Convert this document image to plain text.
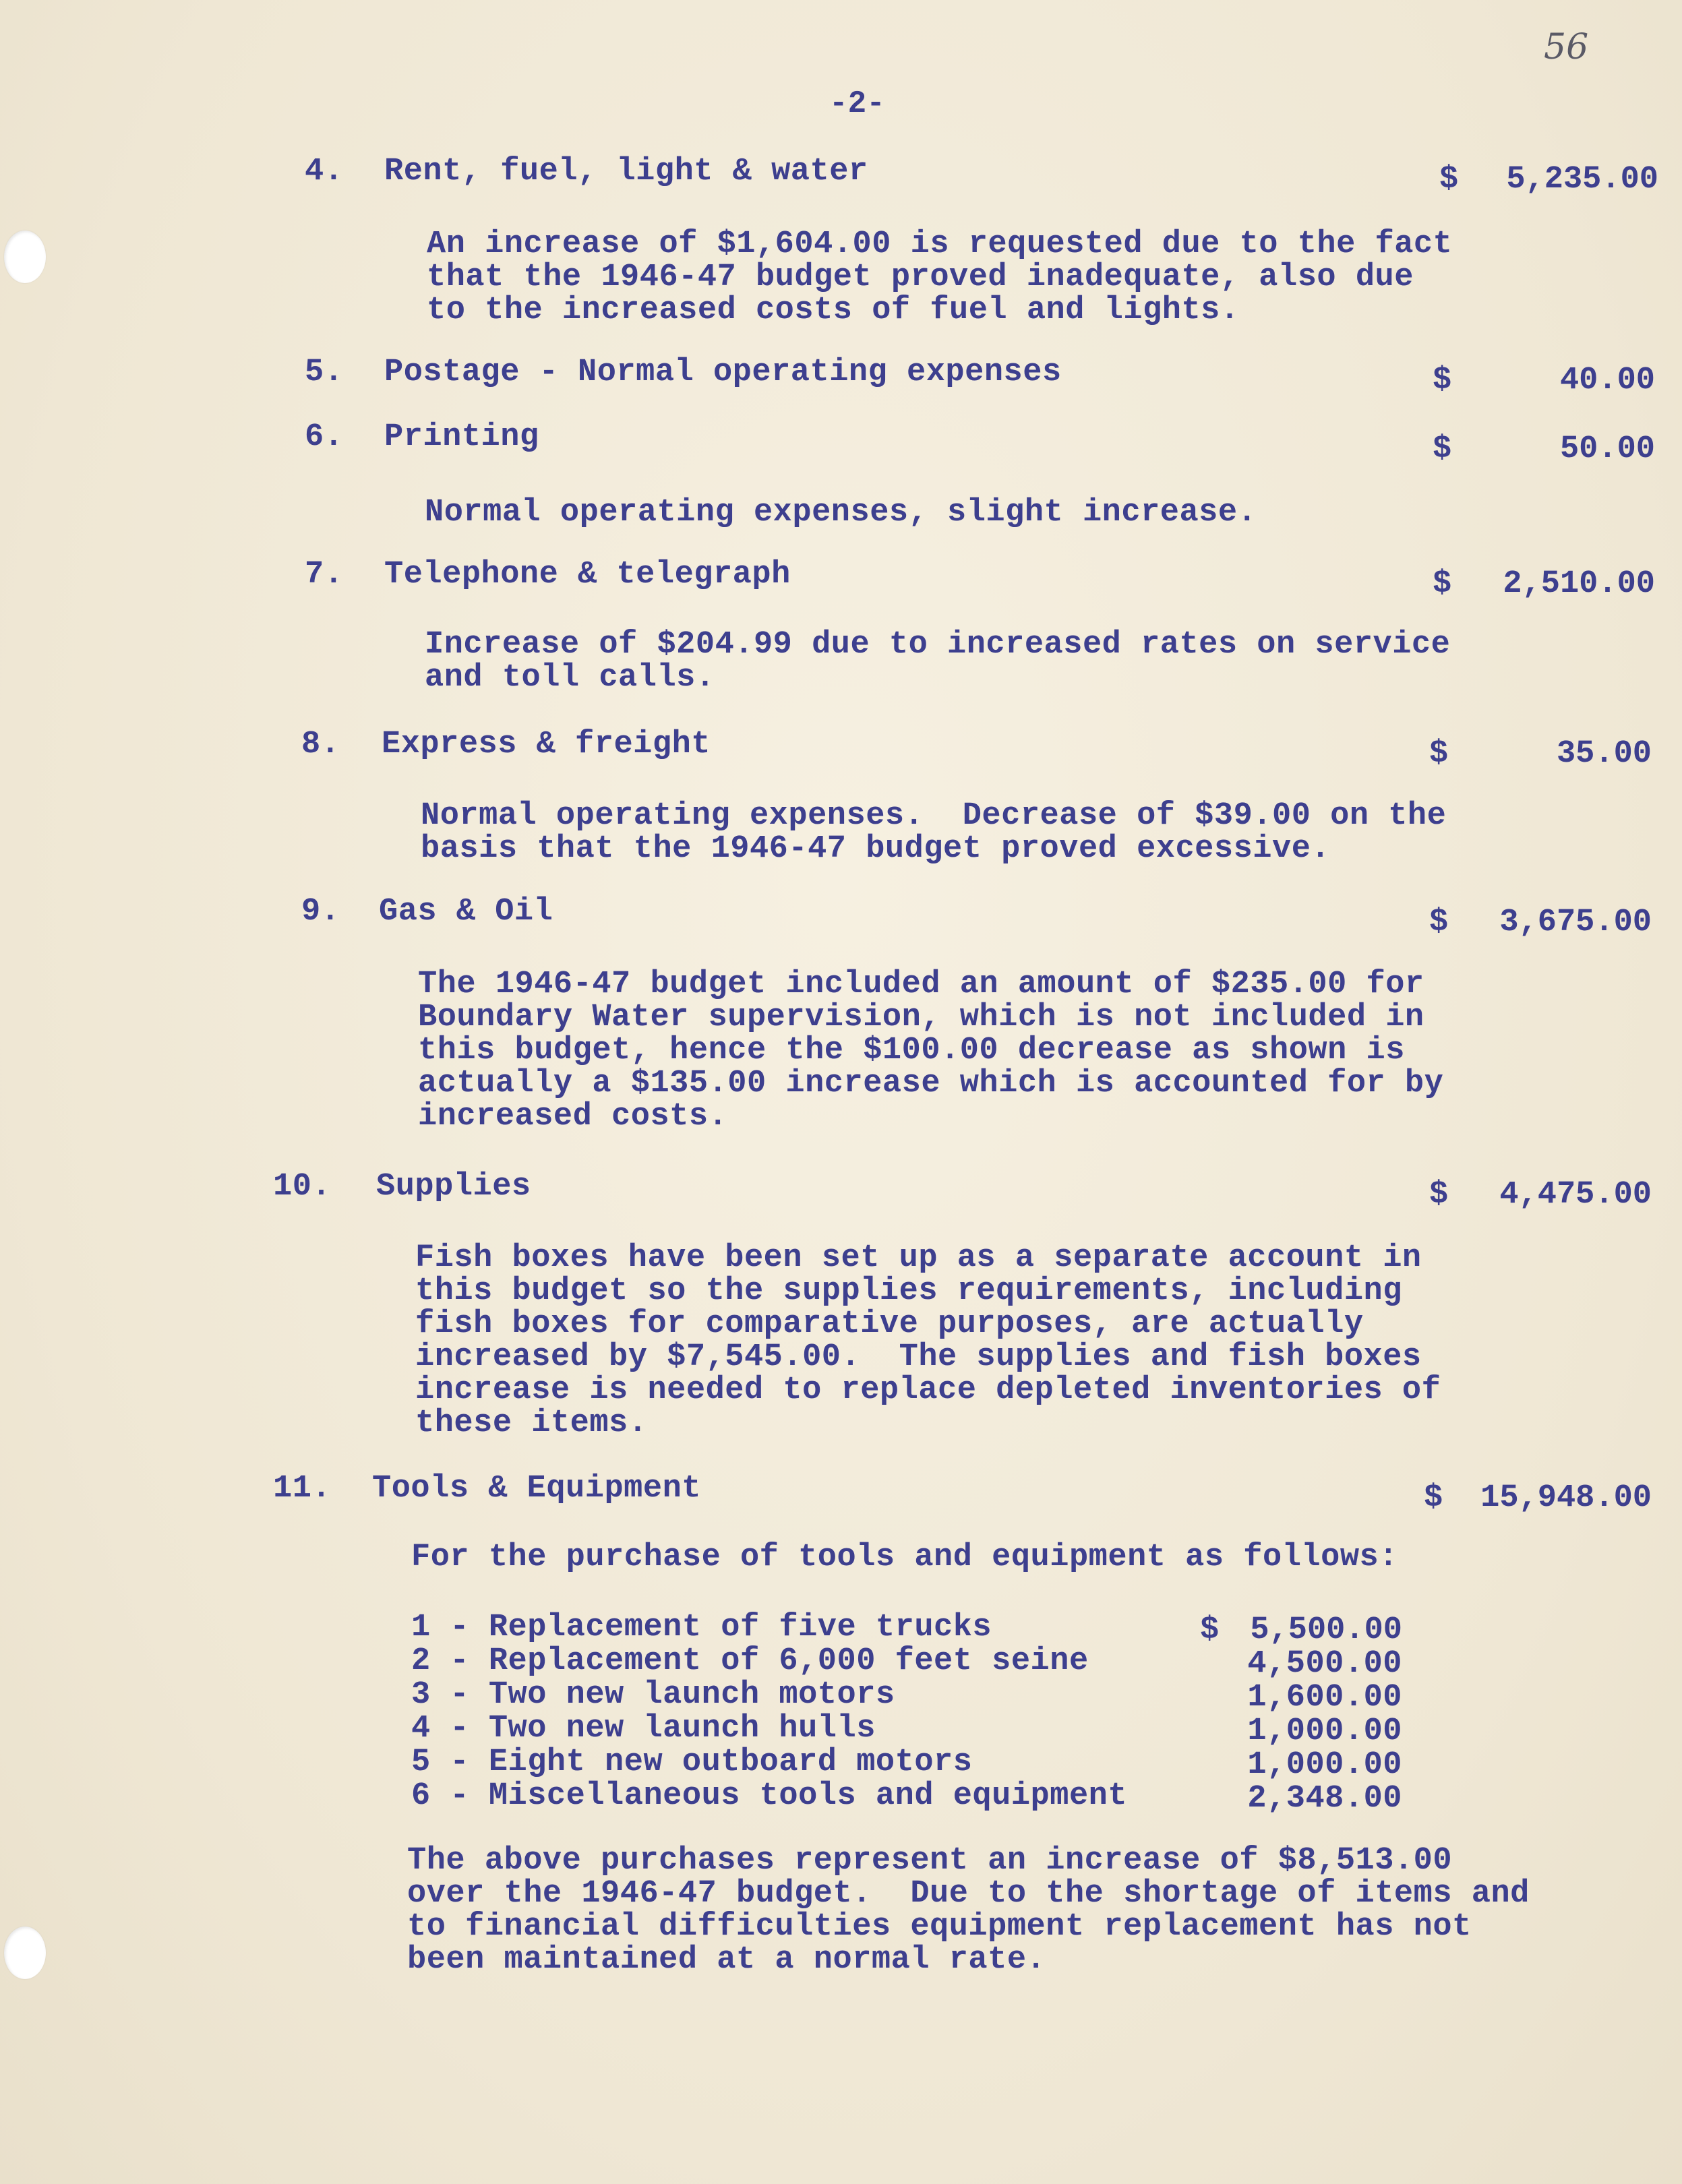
56
-2-
4. Rent, fuel, light & water	$ 5,235.00
An increase of $1,604.00 is requested due to the fact
that the 1946-47 budget proved inadequate, also due
to the increased costs of fuel and lights.
5. Postage - Normal operating expenses	$	40.00
6. Printing	$	50.00
Normal operating expenses, slight increase.
7. Telephone & telegraph	$ 2,510.00
Increase of $204.99 due to increased rates on service
and toll calls.
8. Express & freight	$	35.00
Normal operating expenses.  Decrease of $39.00 on the
basis that the 1946-47 budget proved excessive.
9. Gas & Oil	$ 3,675.00
The 1946-47 budget included an amount of $235.00 for
Boundary Water supervision, which is not included in
this budget, hence the $100.00 decrease as shown is
actually a $135.00 increase which is accounted for by
increased costs.
10. Supplies	$ 4,475.00
Fish boxes have been set up as a separate account in
this budget so the supplies requirements, including
fish boxes for comparative purposes, are actually
increased by $7,545.00.  The supplies and fish boxes
increase is needed to replace depleted inventories of
these items.
11. Tools & Equipment	$ 15,948.00
For the purchase of tools and equipment as follows:
1 - Replacement of five trucks	$ 5,500.00
2 - Replacement of 6,000 feet seine	4,500.00
3 - Two new launch motors	1,600.00
4 - Two new launch hulls	1,000.00
5 - Eight new outboard motors	1,000.00
6 - Miscellaneous tools and equipment	2,348.00
The above purchases represent an increase of $8,513.00
over the 1946-47 budget.  Due to the shortage of items and
to financial difficulties equipment replacement has not
been maintained at a normal rate.
